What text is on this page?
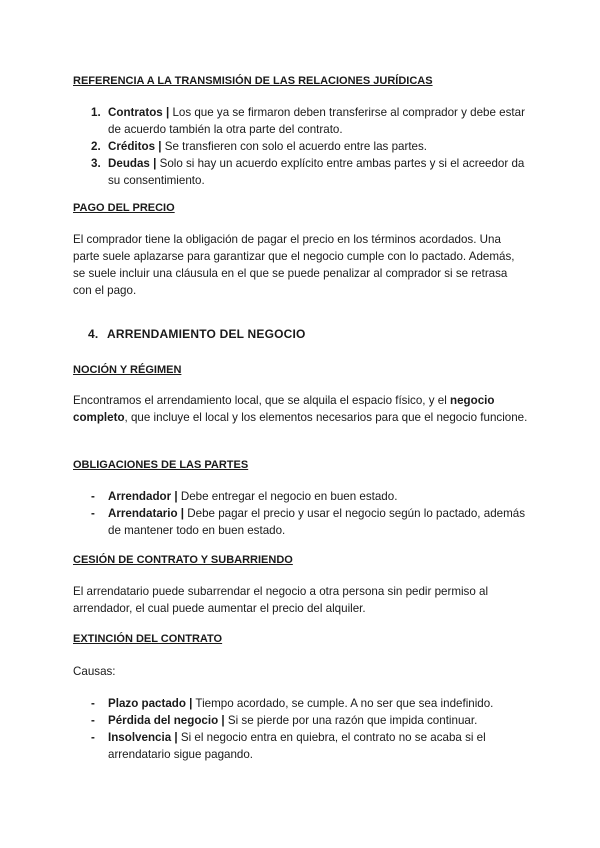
REFERENCIA A LA TRANSMISIÓN DE LAS RELACIONES JURÍDICAS
1. Contratos | Los que ya se firmaron deben transferirse al comprador y debe estar de acuerdo también la otra parte del contrato.
2. Créditos | Se transfieren con solo el acuerdo entre las partes.
3. Deudas | Solo si hay un acuerdo explícito entre ambas partes y si el acreedor da su consentimiento.
PAGO DEL PRECIO

El comprador tiene la obligación de pagar el precio en los términos acordados. Una parte suele aplazarse para garantizar que el negocio cumple con lo pactado. Además, se suele incluir una cláusula en el que se puede penalizar al comprador si se retrasa con el pago.

4. ARRENDAMIENTO DEL NEGOCIO
NOCIÓN Y RÉGIMEN

Encontramos el arrendamiento local, que se alquila el espacio físico, y el negocio completo, que incluye el local y los elementos necesarios para que el negocio funcione.

OBLIGACIONES DE LAS PARTES
- Arrendador | Debe entregar el negocio en buen estado.
- Arrendatario | Debe pagar el precio y usar el negocio según lo pactado, además de mantener todo en buen estado.
CESIÓN DE CONTRATO Y SUBARRIENDO

El arrendatario puede subarrendar el negocio a otra persona sin pedir permiso al arrendador, el cual puede aumentar el precio del alquiler.

EXTINCIÓN DEL CONTRATO

Causas:

- Plazo pactado | Tiempo acordado, se cumple. A no ser que sea indefinido.
- Pérdida del negocio | Si se pierde por una razón que impida continuar.
- Insolvencia | Si el negocio entra en quiebra, el contrato no se acaba si el arrendatario sigue pagando.
